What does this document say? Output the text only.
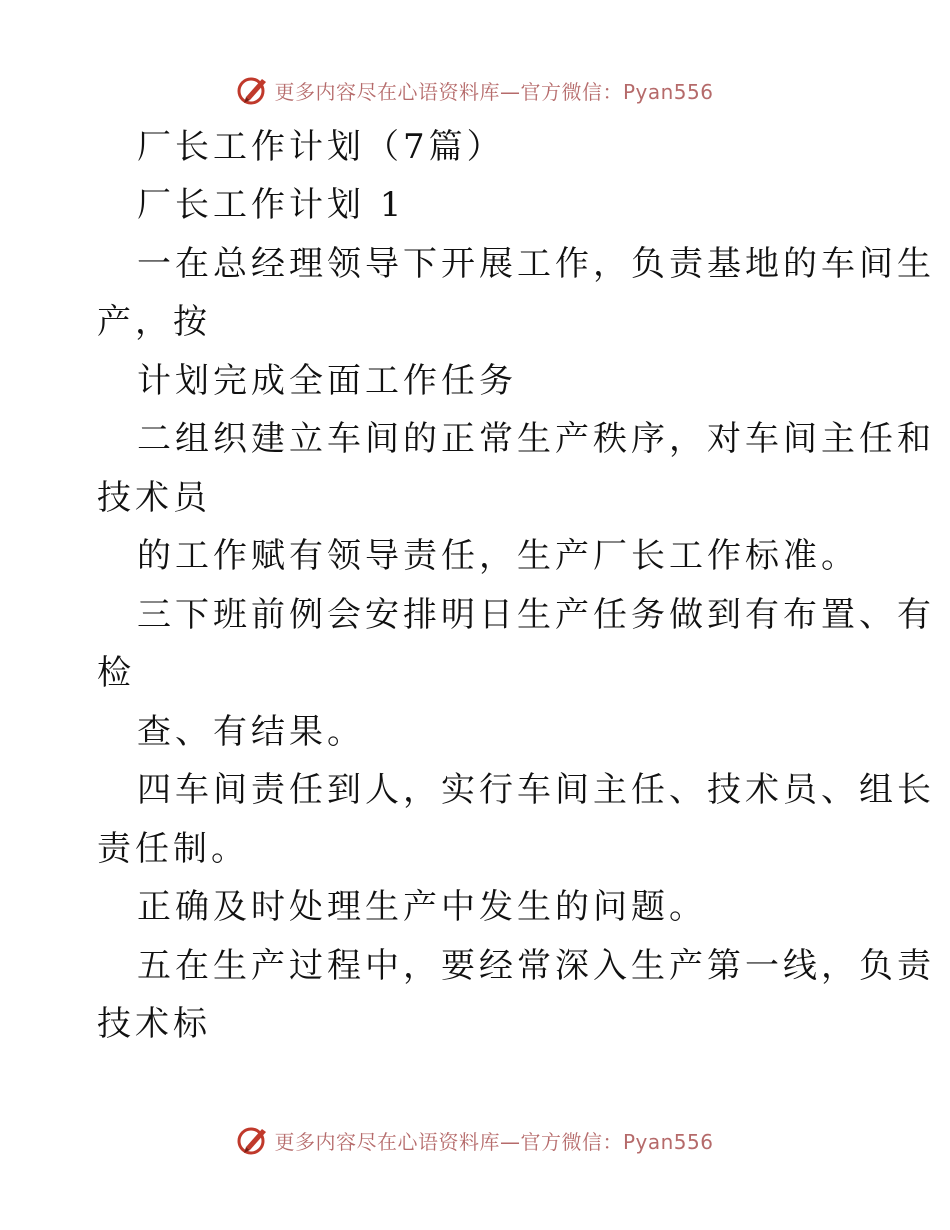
更多内容尽在心语资料库—官方微信：Pyan556
厂长工作计划（7篇）
厂长工作计划 1
一在总经理领导下开展工作，负责基地的车间生
产，按
计划完成全面工作任务
二组织建立车间的正常生产秩序，对车间主任和
技术员
的工作赋有领导责任，生产厂长工作标准。
三下班前例会安排明日生产任务做到有布置、有
检
查、有结果。
四车间责任到人，实行车间主任、技术员、组长
责任制。
正确及时处理生产中发生的问题。
五在生产过程中，要经常深入生产第一线，负责
技术标
更多内容尽在心语资料库—官方微信：Pyan556
